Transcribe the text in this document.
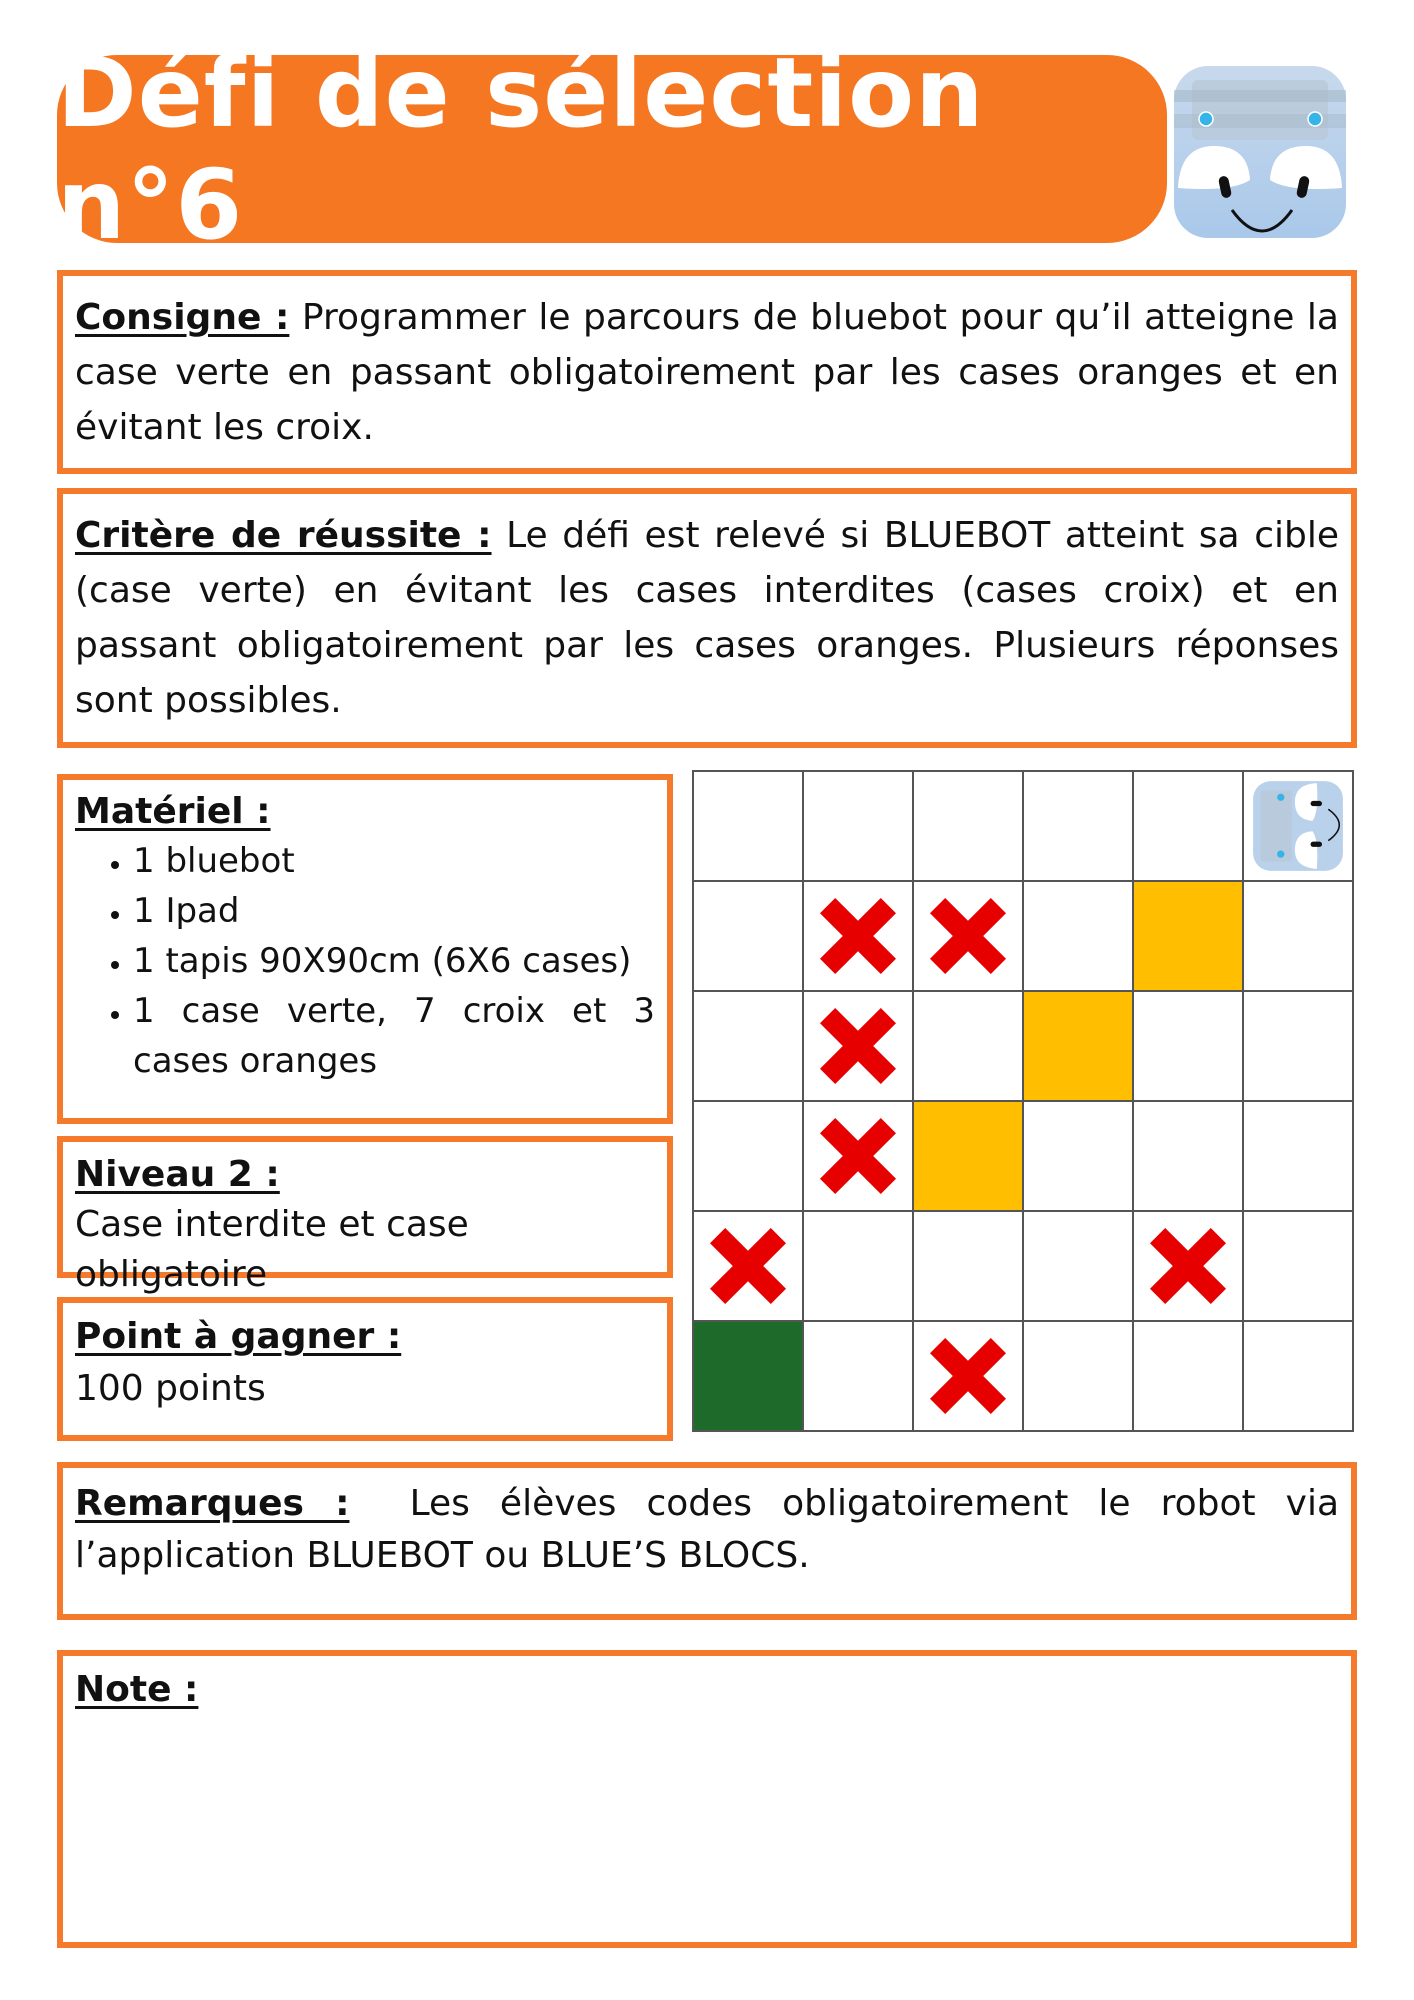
Défi de sélection n°6
Consigne : Programmer le parcours de bluebot pour qu’il atteigne la case verte en passant obligatoirement par les cases oranges et en évitant les croix.
Critère de réussite : Le défi est relevé si BLUEBOT atteint sa cible (case verte) en évitant les cases interdites (cases croix) et en passant obligatoirement par les cases oranges. Plusieurs réponses sont possibles.
Matériel :
• 1 bluebot
• 1 Ipad
• 1 tapis 90X90cm (6X6 cases)
• 1 case verte, 7 croix et 3 cases oranges
Niveau 2 :
Case interdite et case obligatoire
Point à gagner :
100 points
Remarques : Les élèves codes obligatoirement le robot via l’application BLUEBOT ou BLUE’S BLOCS.
Note :
